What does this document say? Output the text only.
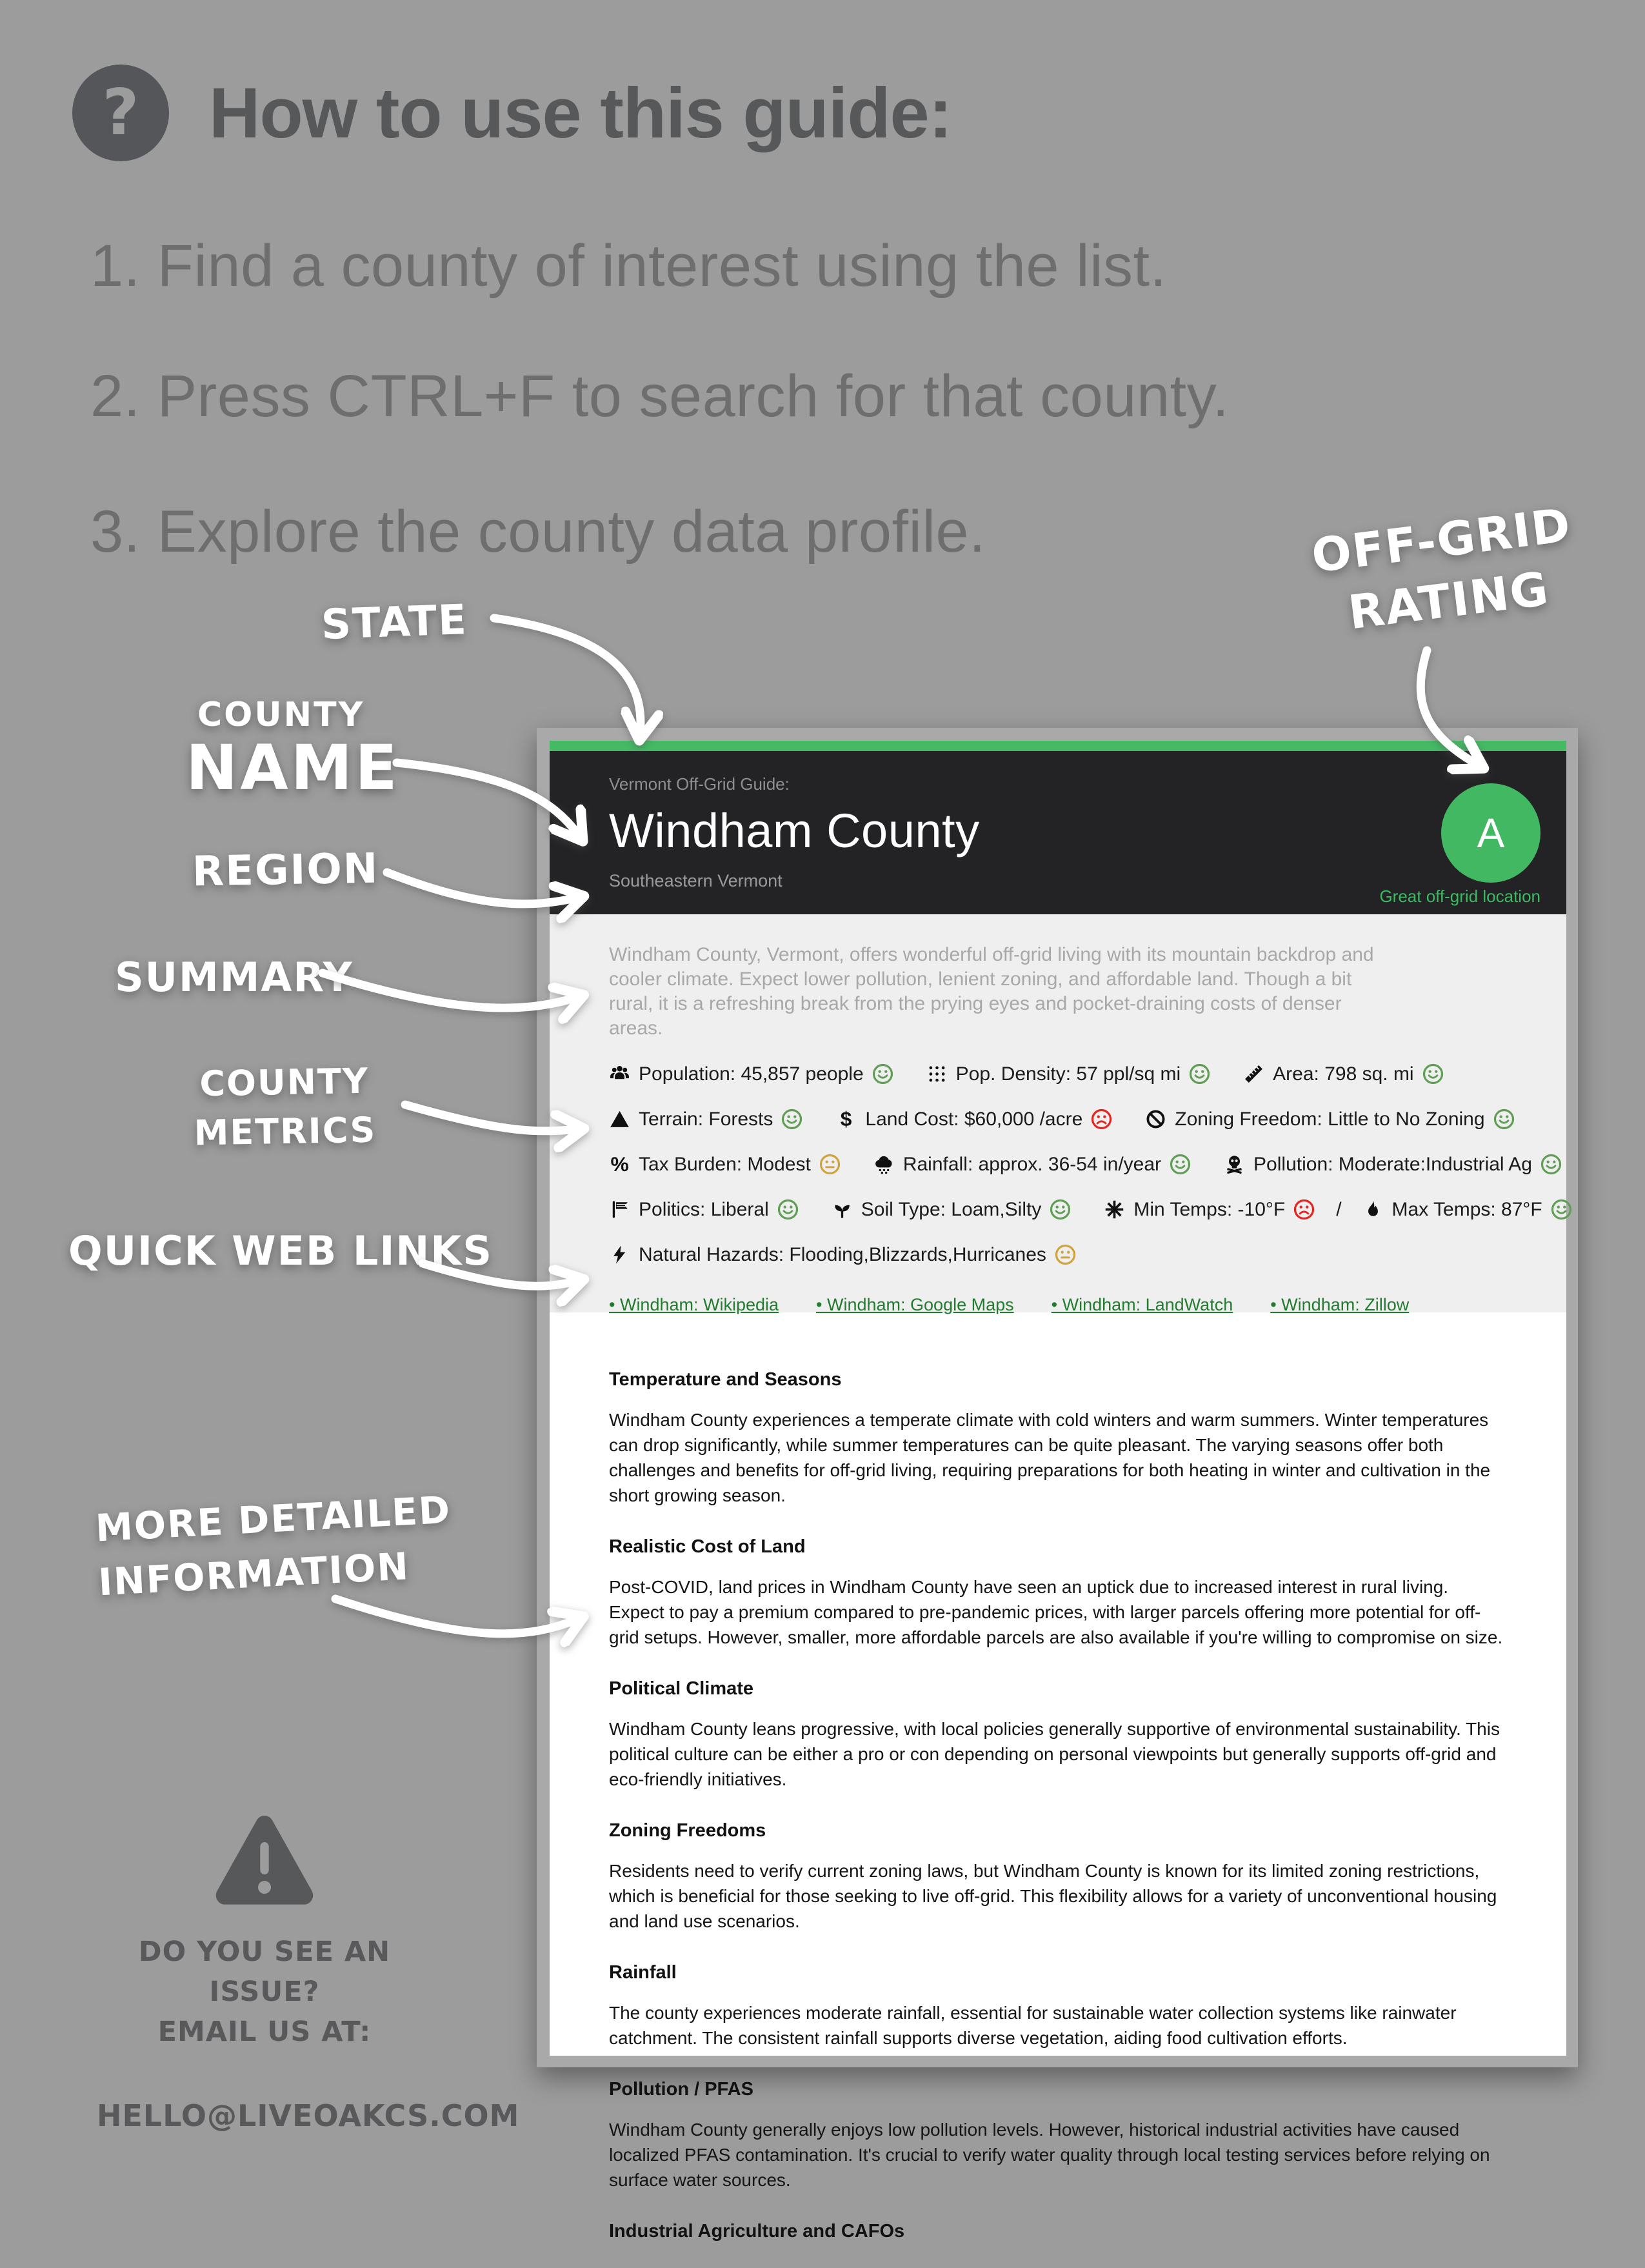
? How to use this guide:
1. Find a county of interest using the list.
2. Press CTRL+F to search for that county.
3. Explore the county data profile.
STATE
OFF-GRID
RATING
COUNTY
NAME
REGION
SUMMARY
COUNTY
METRICS
QUICK WEB LINKS
MORE DETAILED
INFORMATION
DO YOU SEE AN ISSUE?
EMAIL US AT:
HELLO@LIVEOAKCS.COM
Vermont Off-Grid Guide:
Windham County
Southeastern Vermont
A
Great off-grid location

Windham County, Vermont, offers wonderful off-grid living with its mountain backdrop and cooler climate. Expect lower pollution, lenient zoning, and affordable land. Though a bit rural, it is a refreshing break from the prying eyes and pocket-draining costs of denser areas.

Population: 45,857 people	Pop. Density: 57 ppl/sq mi	Area: 798 sq. mi
Terrain: Forests	$ Land Cost: $60,000 /acre	Zoning Freedom: Little to No Zoning
% Tax Burden: Modest	Rainfall: approx. 36-54 in/year	Pollution: Moderate:Industrial Ag
Politics: Liberal	Soil Type: Loam,Silty	Min Temps: -10°F	/	Max Temps: 87°F
Natural Hazards: Flooding,Blizzards,Hurricanes
• Windham: Wikipedia • Windham: Google Maps • Windham: LandWatch • Windham: Zillow
Temperature and Seasons

Windham County experiences a temperate climate with cold winters and warm summers. Winter temperatures can drop significantly, while summer temperatures can be quite pleasant. The varying seasons offer both challenges and benefits for off-grid living, requiring preparations for both heating in winter and cultivation in the short growing season.

Realistic Cost of Land

Post-COVID, land prices in Windham County have seen an uptick due to increased interest in rural living. Expect to pay a premium compared to pre-pandemic prices, with larger parcels offering more potential for off-grid setups. However, smaller, more affordable parcels are also available if you're willing to compromise on size.

Political Climate

Windham County leans progressive, with local policies generally supportive of environmental sustainability. This political culture can be either a pro or con depending on personal viewpoints but generally supports off-grid and eco-friendly initiatives.

Zoning Freedoms

Residents need to verify current zoning laws, but Windham County is known for its limited zoning restrictions, which is beneficial for those seeking to live off-grid. This flexibility allows for a variety of unconventional housing and land use scenarios.

Rainfall

The county experiences moderate rainfall, essential for sustainable water collection systems like rainwater catchment. The consistent rainfall supports diverse vegetation, aiding food cultivation efforts.

Pollution / PFAS

Windham County generally enjoys low pollution levels. However, historical industrial activities have caused localized PFAS contamination. It's crucial to verify water quality through local testing services before relying on surface water sources.

Industrial Agriculture and CAFOs
